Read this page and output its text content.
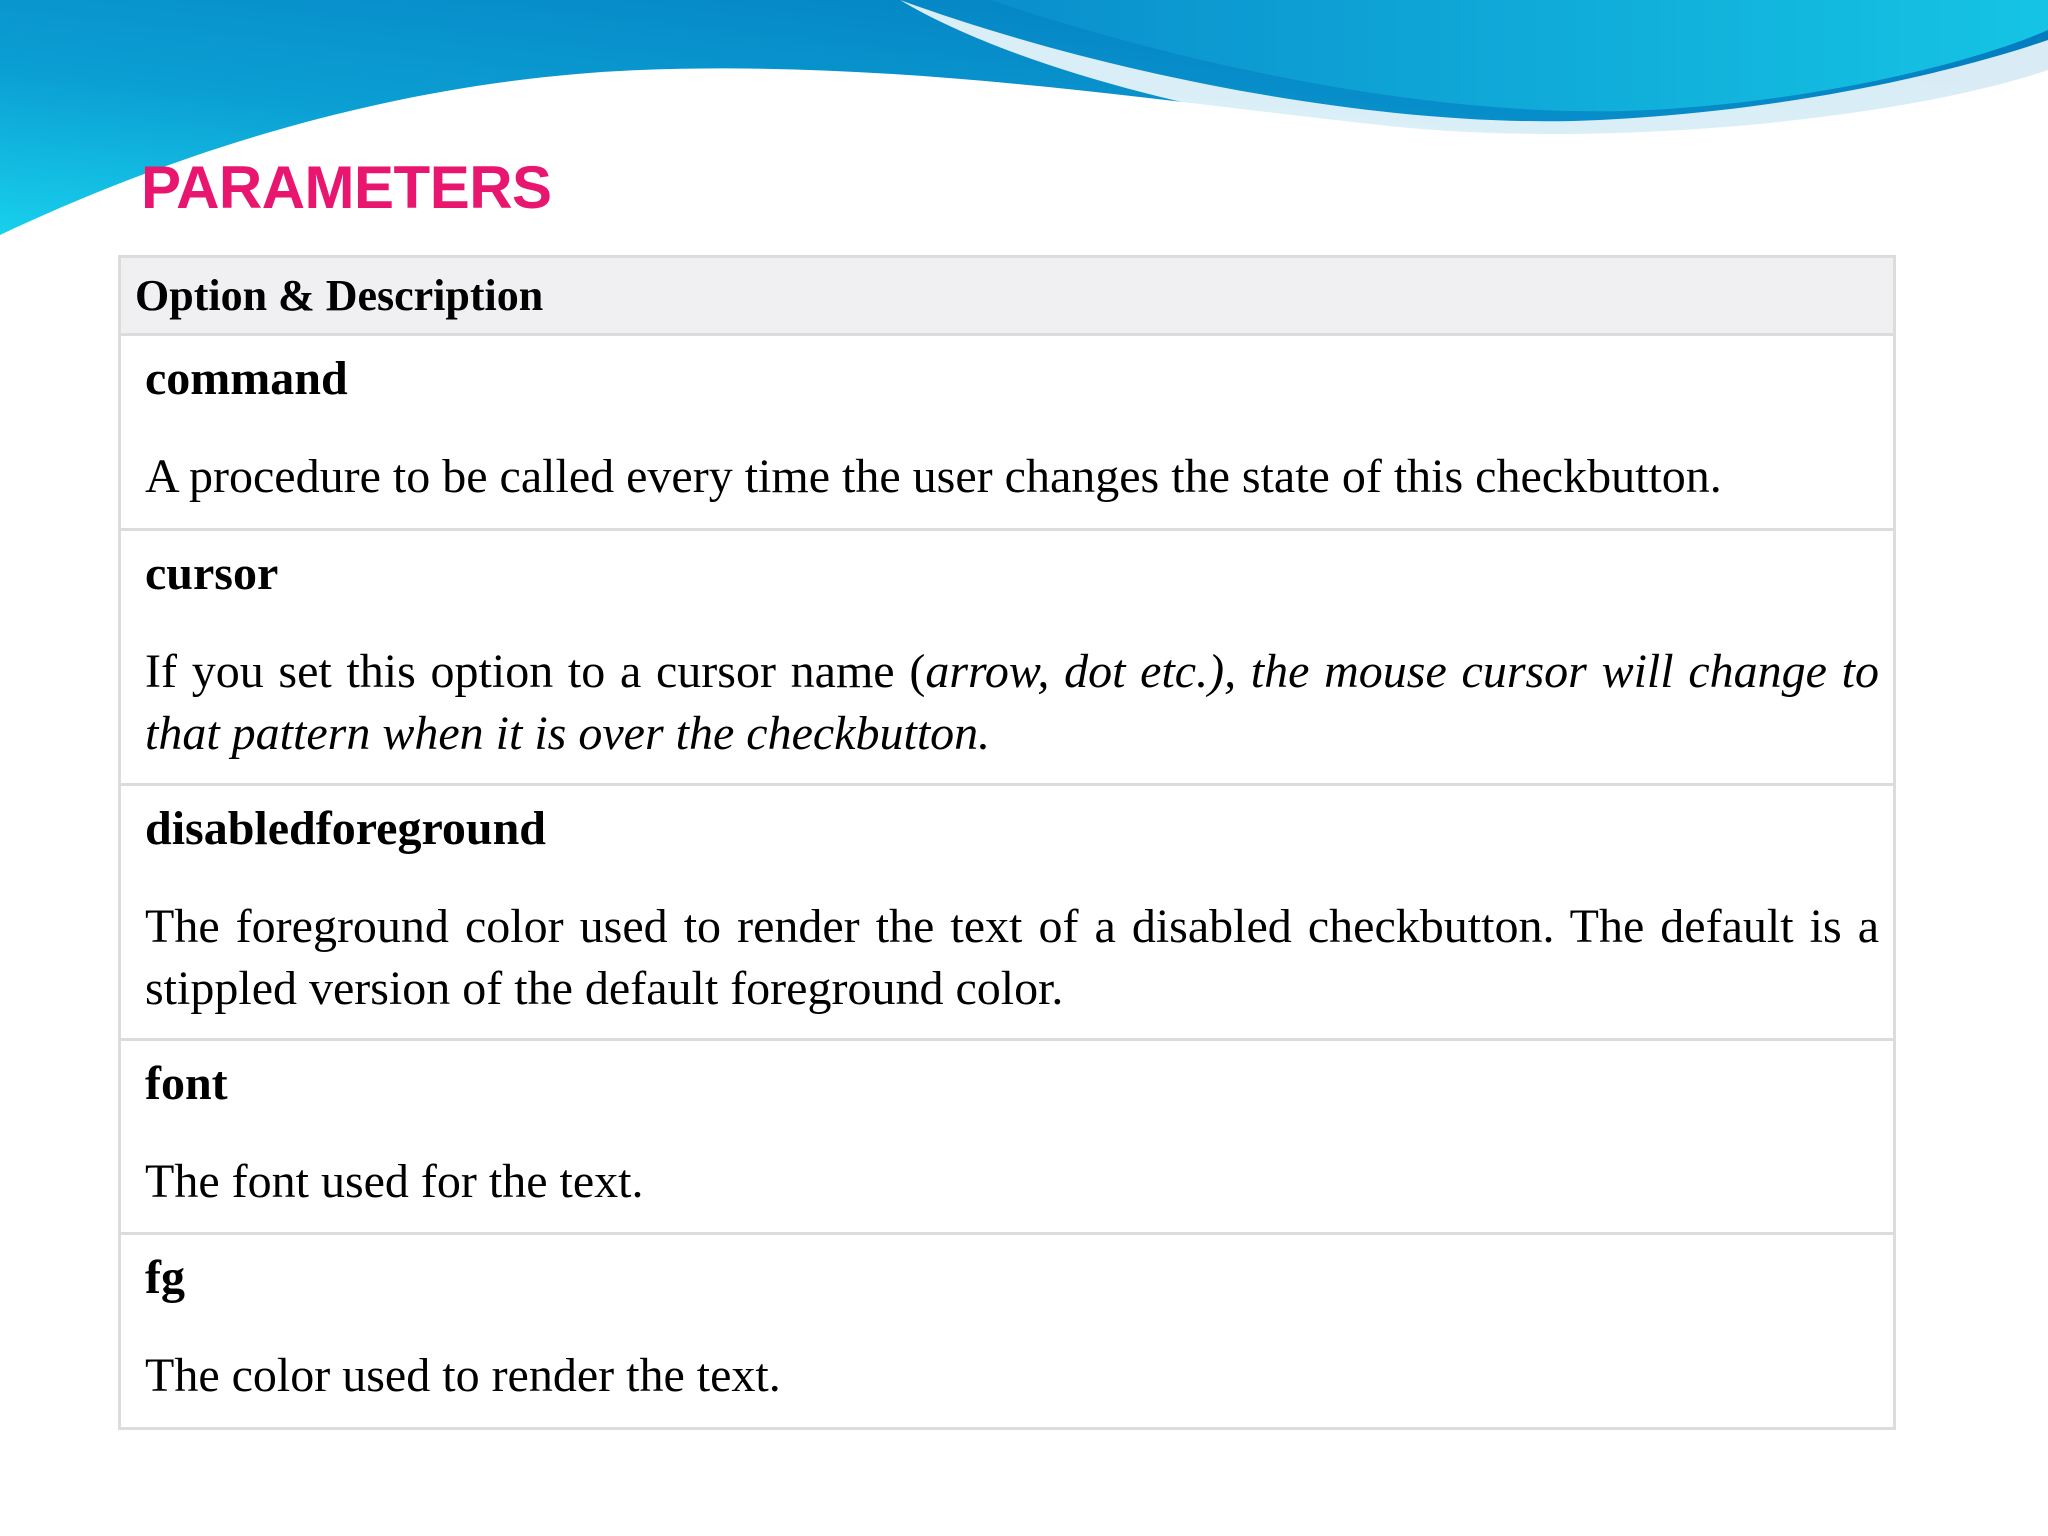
PARAMETERS
Option & Description
command
A procedure to be called every time the user changes the state of this checkbutton.
cursor
If you set this option to a cursor name (arrow, dot etc.), the mouse cursor will change to that pattern when it is over the checkbutton.
disabledforeground
The foreground color used to render the text of a disabled checkbutton. The default is a stippled version of the default foreground color.
font
The font used for the text.
fg
The color used to render the text.
